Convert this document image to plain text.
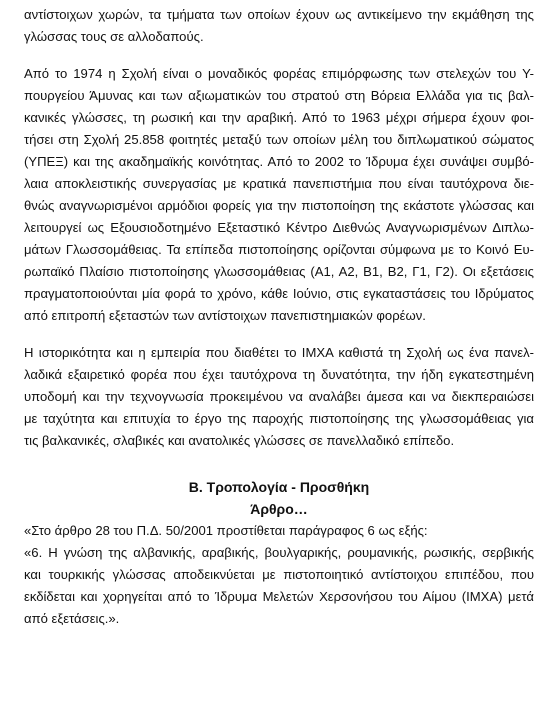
αντίστοιχων χωρών, τα τμήματα των οποίων έχουν ως αντικείμενο την εκμάθηση της
γλώσσας τους σε αλλοδαπούς.

Από το 1974 η Σχολή είναι ο μοναδικός φορέας επιμόρφωσης των στελεχών του Υ-
πουργείου Άμυνας και των αξιωματικών του στρατού στη Βόρεια Ελλάδα για τις βαλ-
κανικές γλώσσες, τη ρωσική και την αραβική. Από το 1963 μέχρι σήμερα έχουν φοι-
τήσει στη Σχολή 25.858 φοιτητές μεταξύ των οποίων μέλη του διπλωματικού σώματος
(ΥΠΕΞ) και της ακαδημαϊκής κοινότητας. Από το 2002 το Ίδρυμα έχει συνάψει συμβό-
λαια αποκλειστικής συνεργασίας με κρατικά πανεπιστήμια που είναι ταυτόχρονα διε-
θνώς αναγνωρισμένοι αρμόδιοι φορείς για την πιστοποίηση της εκάστοτε γλώσσας και
λειτουργεί ως Εξουσιοδοτημένο Εξεταστικό Κέντρο Διεθνώς Αναγνωρισμένων Διπλω-
μάτων Γλωσσομάθειας. Τα επίπεδα πιστοποίησης ορίζονται σύμφωνα με το Κοινό Ευ-
ρωπαϊκό Πλαίσιο πιστοποίησης γλωσσομάθειας (Α1, Α2, Β1, Β2, Γ1, Γ2). Οι εξετάσεις
πραγματοποιούνται μία φορά το χρόνο, κάθε Ιούνιο, στις εγκαταστάσεις του Ιδρύματος
από επιτροπή εξεταστών των αντίστοιχων πανεπιστημιακών φορέων.

Η ιστορικότητα και η εμπειρία που διαθέτει το ΙΜΧΑ καθιστά τη Σχολή ως ένα πανελ-
λαδικά εξαιρετικό φορέα που έχει ταυτόχρονα τη δυνατότητα, την ήδη εγκατεστημένη
υποδομή και την τεχνογνωσία προκειμένου να αναλάβει άμεσα και να διεκπεραιώσει
με ταχύτητα και επιτυχία το έργο της παροχής πιστοποίησης της γλωσσομάθειας για
τις βαλκανικές, σλαβικές και ανατολικές γλώσσες σε πανελλαδικό επίπεδο.

Β. Τροπολογία - Προσθήκη

Άρθρο…

«Στο άρθρο 28 του Π.Δ. 50/2001 προστίθεται παράγραφος 6 ως εξής:

«6. Η γνώση της αλβανικής, αραβικής, βουλγαρικής, ρουμανικής, ρωσικής, σερβικής
και τουρκικής γλώσσας αποδεικνύεται με πιστοποιητικό αντίστοιχου επιπέδου, που
εκδίδεται και χορηγείται από το Ίδρυμα Μελετών Χερσονήσου του Αίμου (ΙΜΧΑ) μετά
από εξετάσεις.».
